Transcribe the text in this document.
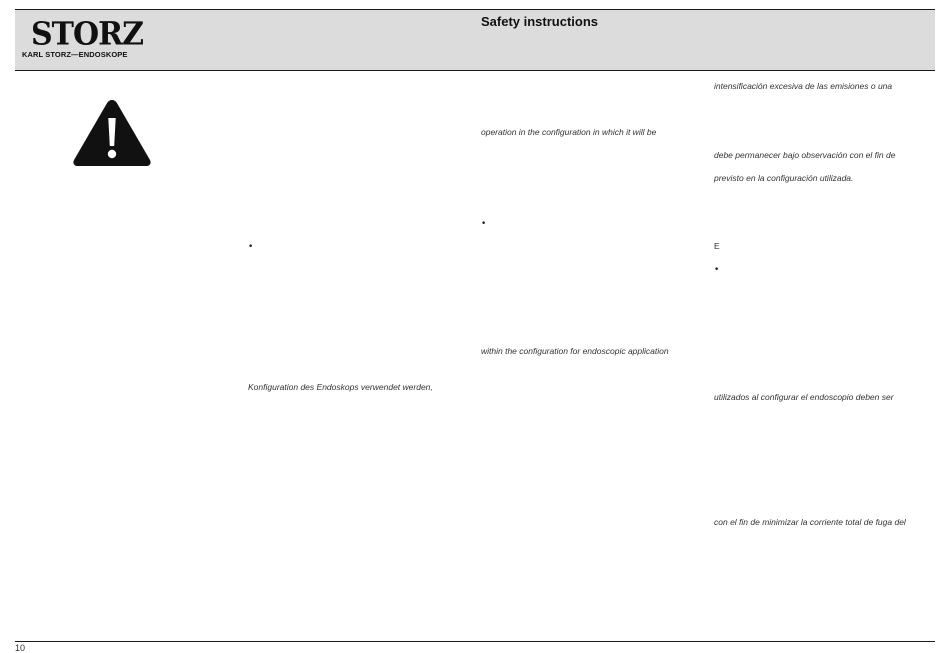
STORZ
KARL STORZ—ENDOSKOPE
Safety instructions
•
Konfiguration des Endoskops verwendet werden,
operation in the configuration in which it will be
•
within the configuration for endoscopic application
intensificación excesiva de las emisiones o una
debe permanecer bajo observación con el fin de
previsto en la configuración utilizada.
E
•
utilizados al configurar el endoscopio deben ser
con el fin de minimizar la corriente total de fuga del
10
